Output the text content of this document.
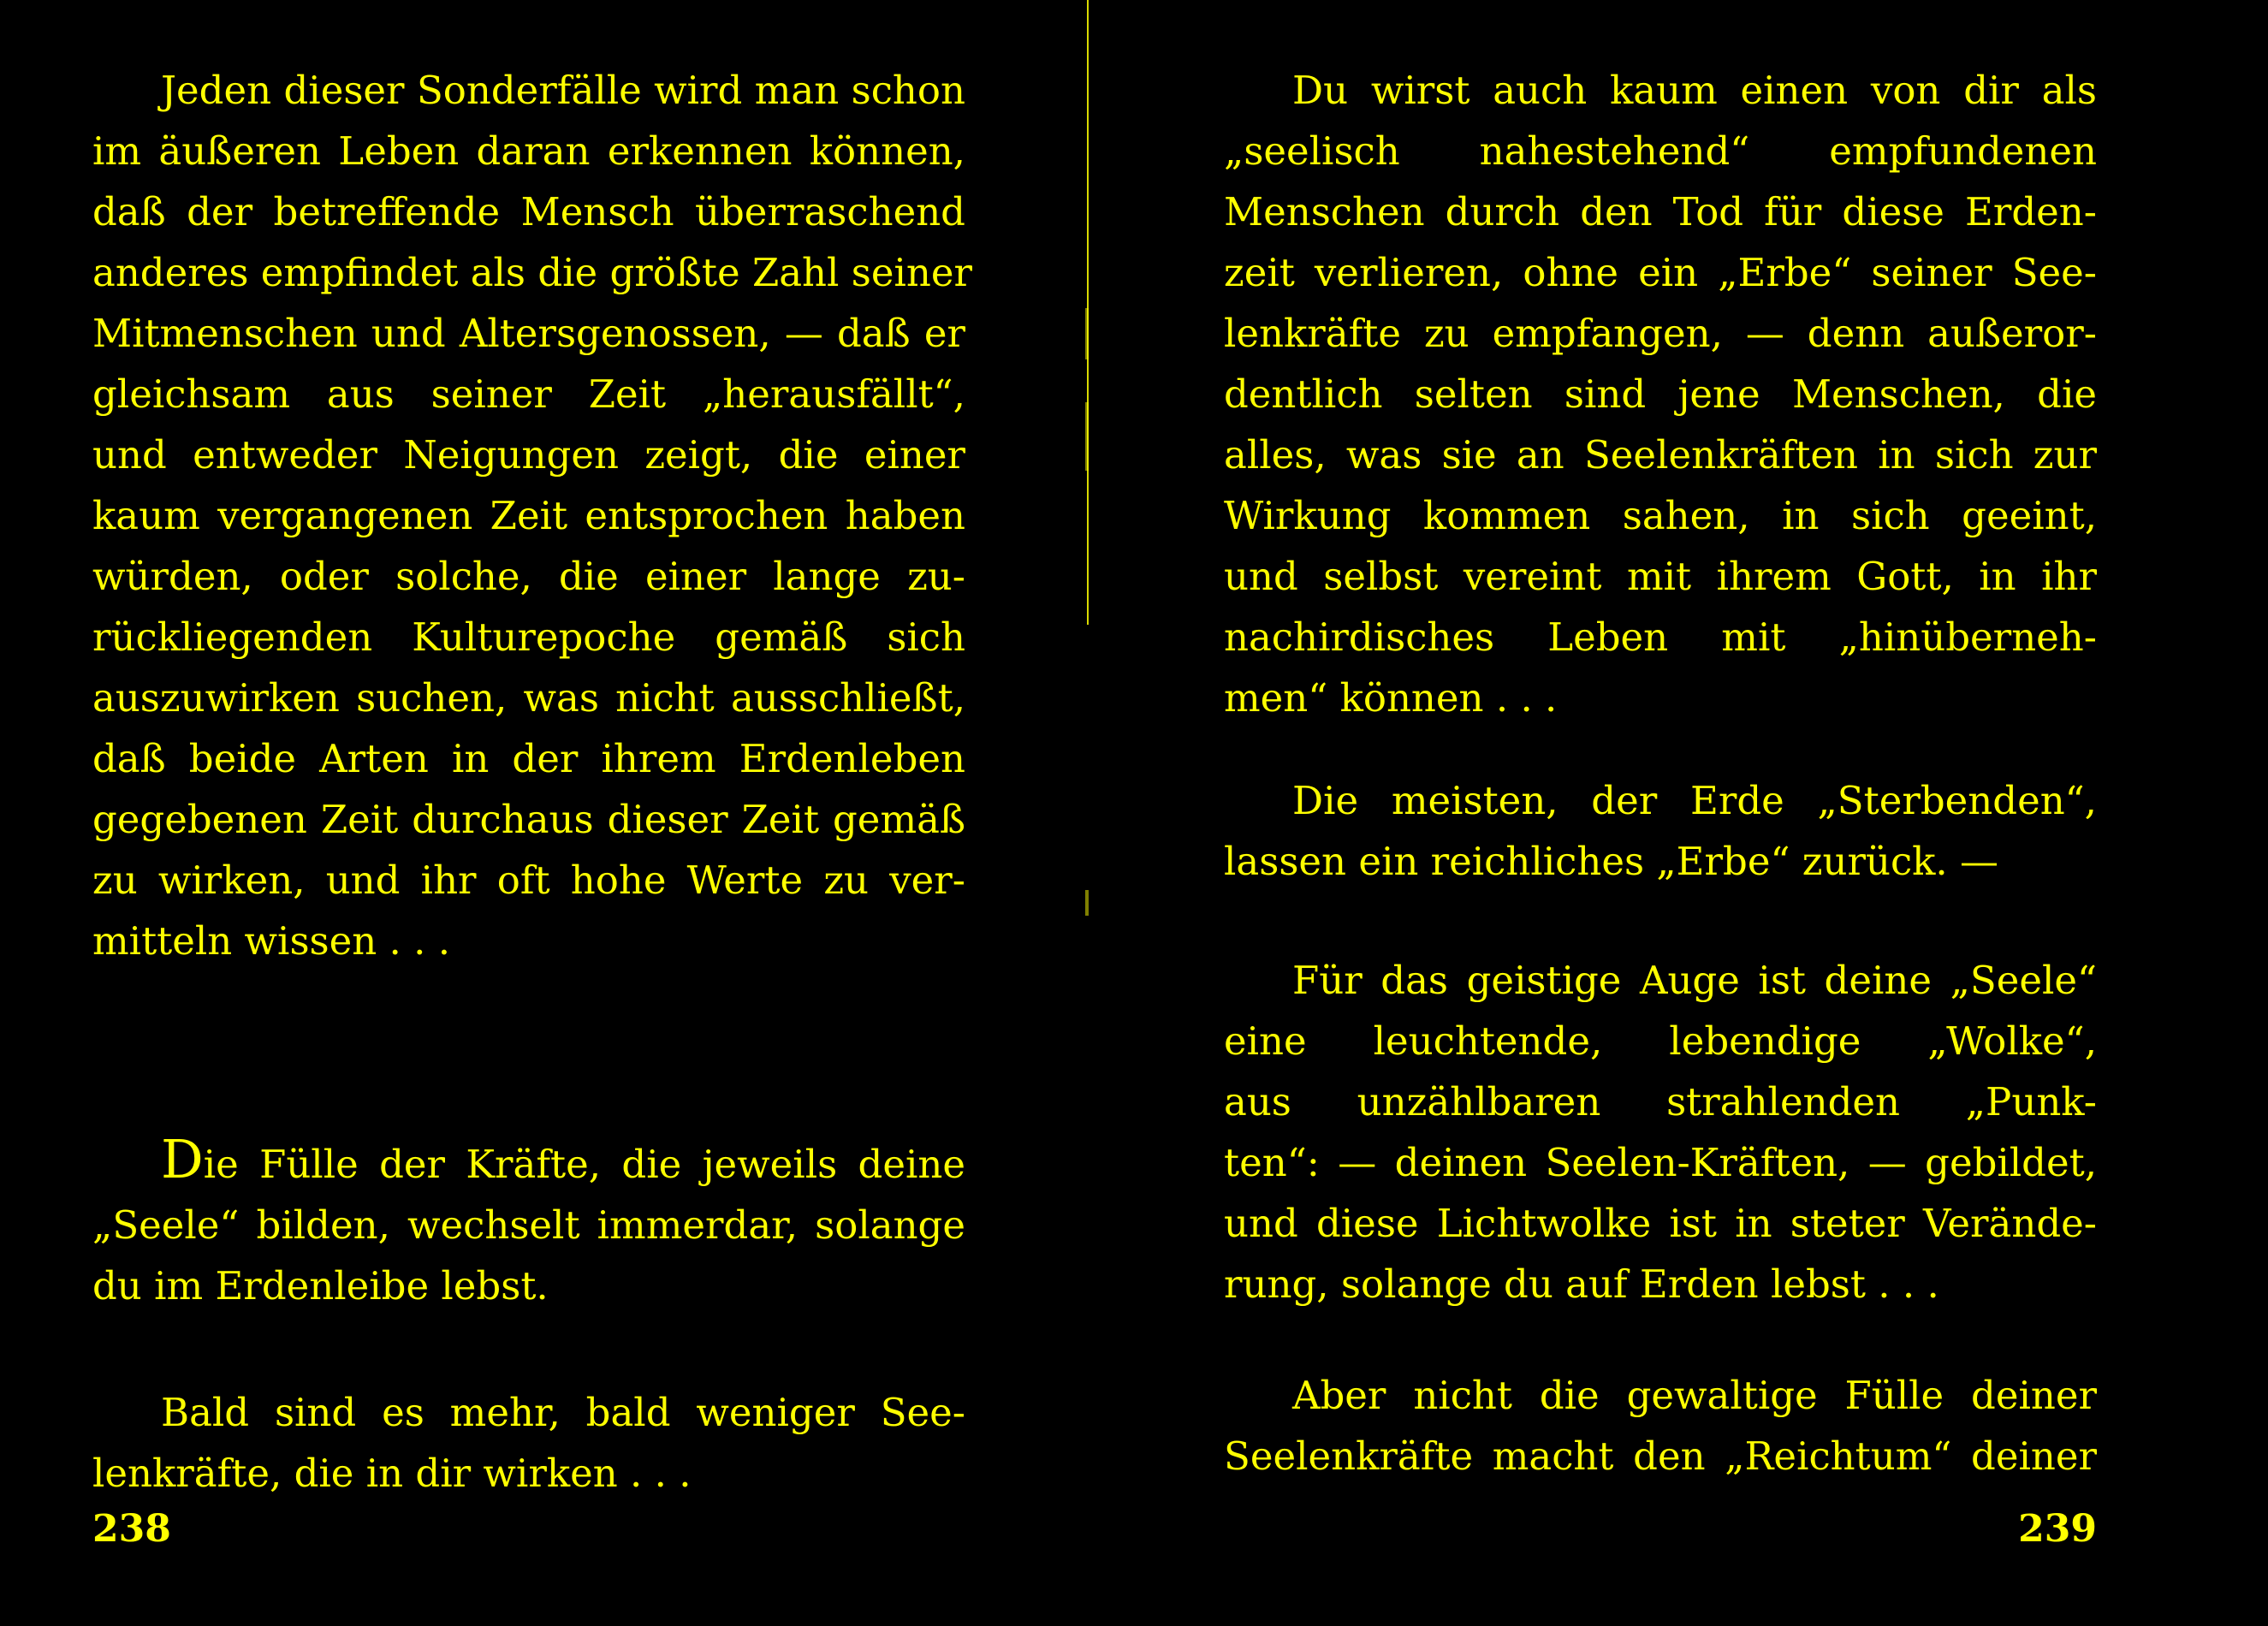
Jeden dieser Sonderfälle wird man schon
im äußeren Leben daran erkennen können,
daß der betreffende Mensch überraschend
anderes empfindet als die größte Zahl seiner
Mitmenschen und Altersgenossen, — daß er
gleichsam aus seiner Zeit „herausfällt“,
und entweder Neigungen zeigt, die einer
kaum vergangenen Zeit entsprochen haben
würden, oder solche, die einer lange zu-
rückliegenden Kulturepoche gemäß sich
auszuwirken suchen, was nicht ausschließt,
daß beide Arten in der ihrem Erdenleben
gegebenen Zeit durchaus dieser Zeit gemäß
zu wirken, und ihr oft hohe Werte zu ver-
mitteln wissen . . .
Die Fülle der Kräfte, die jeweils deine
„Seele“ bilden, wechselt immerdar, solange
du im Erdenleibe lebst.
Bald sind es mehr, bald weniger See-
lenkräfte, die in dir wirken . . .
238
Du wirst auch kaum einen von dir als
„seelisch nahestehend“ empfundenen
Menschen durch den Tod für diese Erden-
zeit verlieren, ohne ein „Erbe“ seiner See-
lenkräfte zu empfangen, — denn außeror-
dentlich selten sind jene Menschen, die
alles, was sie an Seelenkräften in sich zur
Wirkung kommen sahen, in sich geeint,
und selbst vereint mit ihrem Gott, in ihr
nachirdisches Leben mit „hinüberneh-
men“ können . . .
Die meisten, der Erde „Sterbenden“,
lassen ein reichliches „Erbe“ zurück. —
Für das geistige Auge ist deine „Seele“
eine leuchtende, lebendige „Wolke“,
aus unzählbaren strahlenden „Punk-
ten“: — deinen Seelen-Kräften, — gebildet,
und diese Lichtwolke ist in steter Verände-
rung, solange du auf Erden lebst . . .
Aber nicht die gewaltige Fülle deiner
Seelenkräfte macht den „Reichtum“ deiner
239
